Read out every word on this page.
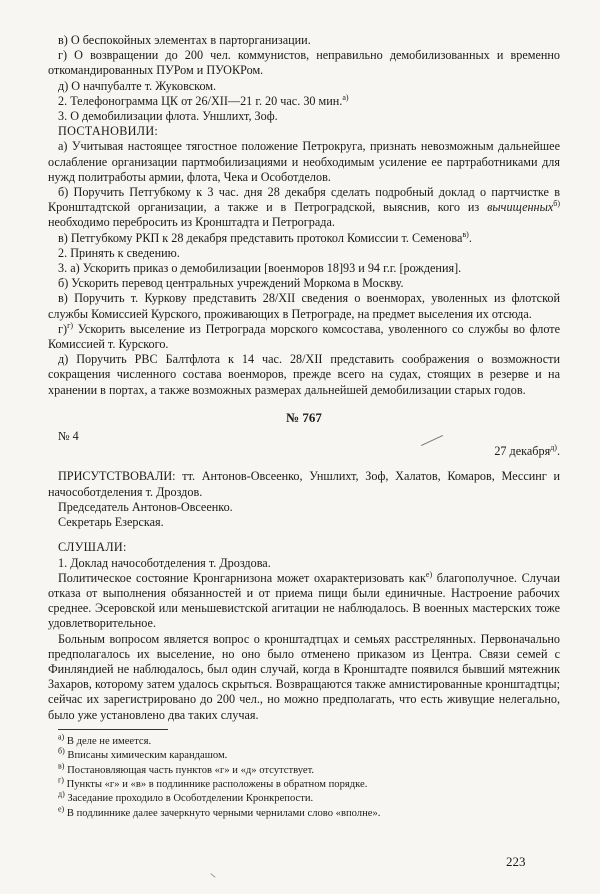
в) О беспокойных элементах в парторганизации.

г) О возвращении до 200 чел. коммунистов, неправильно демобилизованных и временно откомандированных ПУРом и ПУОКРом.

д) О начпубалте т. Жуковском.

2. Телефонограмма ЦК от 26/XII—21 г. 20 час. 30 мин.$^{а)}$

3. О демобилизации флота. Уншлихт, Зоф.

ПОСТАНОВИЛИ:

а) Учитывая настоящее тягостное положение Петрокруга, признать невозможным дальнейшее ослабление организации партмобилизациями и необходимым усиление ее партработниками для нужд политработы армии, флота, Чека и Особотделов.

б) Поручить Петгубкому к 3 час. дня 28 декабря сделать подробный доклад о партчистке в Кронштадтской организации, а также и в Петроградской, выяснив, кого из вычищенных$^{б)}$ необходимо перебросить из Кронштадта и Петрограда.

в) Петгубкому РКП к 28 декабря представить протокол Комиссии т. Семенова$^{в)}$.

2. Принять к сведению.

3. а) Ускорить приказ о демобилизации [военморов 18]93 и 94 г.г. [рождения].

б) Ускорить перевод центральных учреждений Моркома в Москву.

в) Поручить т. Куркову представить 28/XII сведения о военморах, уволенных из флотской службы Комиссией Курского, проживающих в Петрограде, на предмет выселения их отсюда.

г)$^{г)}$ Ускорить выселение из Петрограда морского комсостава, уволенного со службы во флоте Комиссией т. Курского.

д) Поручить РВС Балтфлота к 14 час. 28/XII представить соображения о возможности сокращения численного состава военморов, прежде всего на судах, стоящих в резерве и на хранении в портах, а также возможных размерах дальнейшей демобилизации старых годов.

№ 767

№ 4

27 декабря$^{д)}$.

ПРИСУТСТВОВАЛИ: тт. Антонов-Овсеенко, Уншлихт, Зоф, Халатов, Комаров, Мессинг и начособотделения т. Дроздов.

Председатель Антонов-Овсеенко.

Секретарь Езерская.

СЛУШАЛИ:

1. Доклад начособотделения т. Дроздова.

Политическое состояние Кронгарнизона может охарактеризовать как$^{е)}$ благополучное. Случаи отказа от выполнения обязанностей и от приема пищи были единичные. Настроение рабочих среднее. Эсеровской или меньшевистской агитации не наблюдалось. В военных мастерских тоже удовлетворительное.

Больным вопросом является вопрос о кронштадтцах и семьях расстрелянных. Первоначально предполагалось их выселение, но оно было отменено приказом из Центра. Связи семей с Финляндией не наблюдалось, был один случай, когда в Кронштадте появился бывший мятежник Захаров, которому затем удалось скрыться. Возвращаются также амнистированные кронштадтцы; сейчас их зарегистрировано до 200 чел., но можно предполагать, что есть живущие нелегально, было уже установлено два таких случая.

$^{а)}$ В деле не имеется.

$^{б)}$ Вписаны химическим карандашом.

$^{в)}$ Постановляющая часть пунктов «г» и «д» отсутствует.

$^{г)}$ Пункты «г» и «в» в подлиннике расположены в обратном порядке.

$^{д)}$ Заседание проходило в Особотделении Кронкрепости.

$^{е)}$ В подлиннике далее зачеркнуто черными чернилами слово «вполне».

223
